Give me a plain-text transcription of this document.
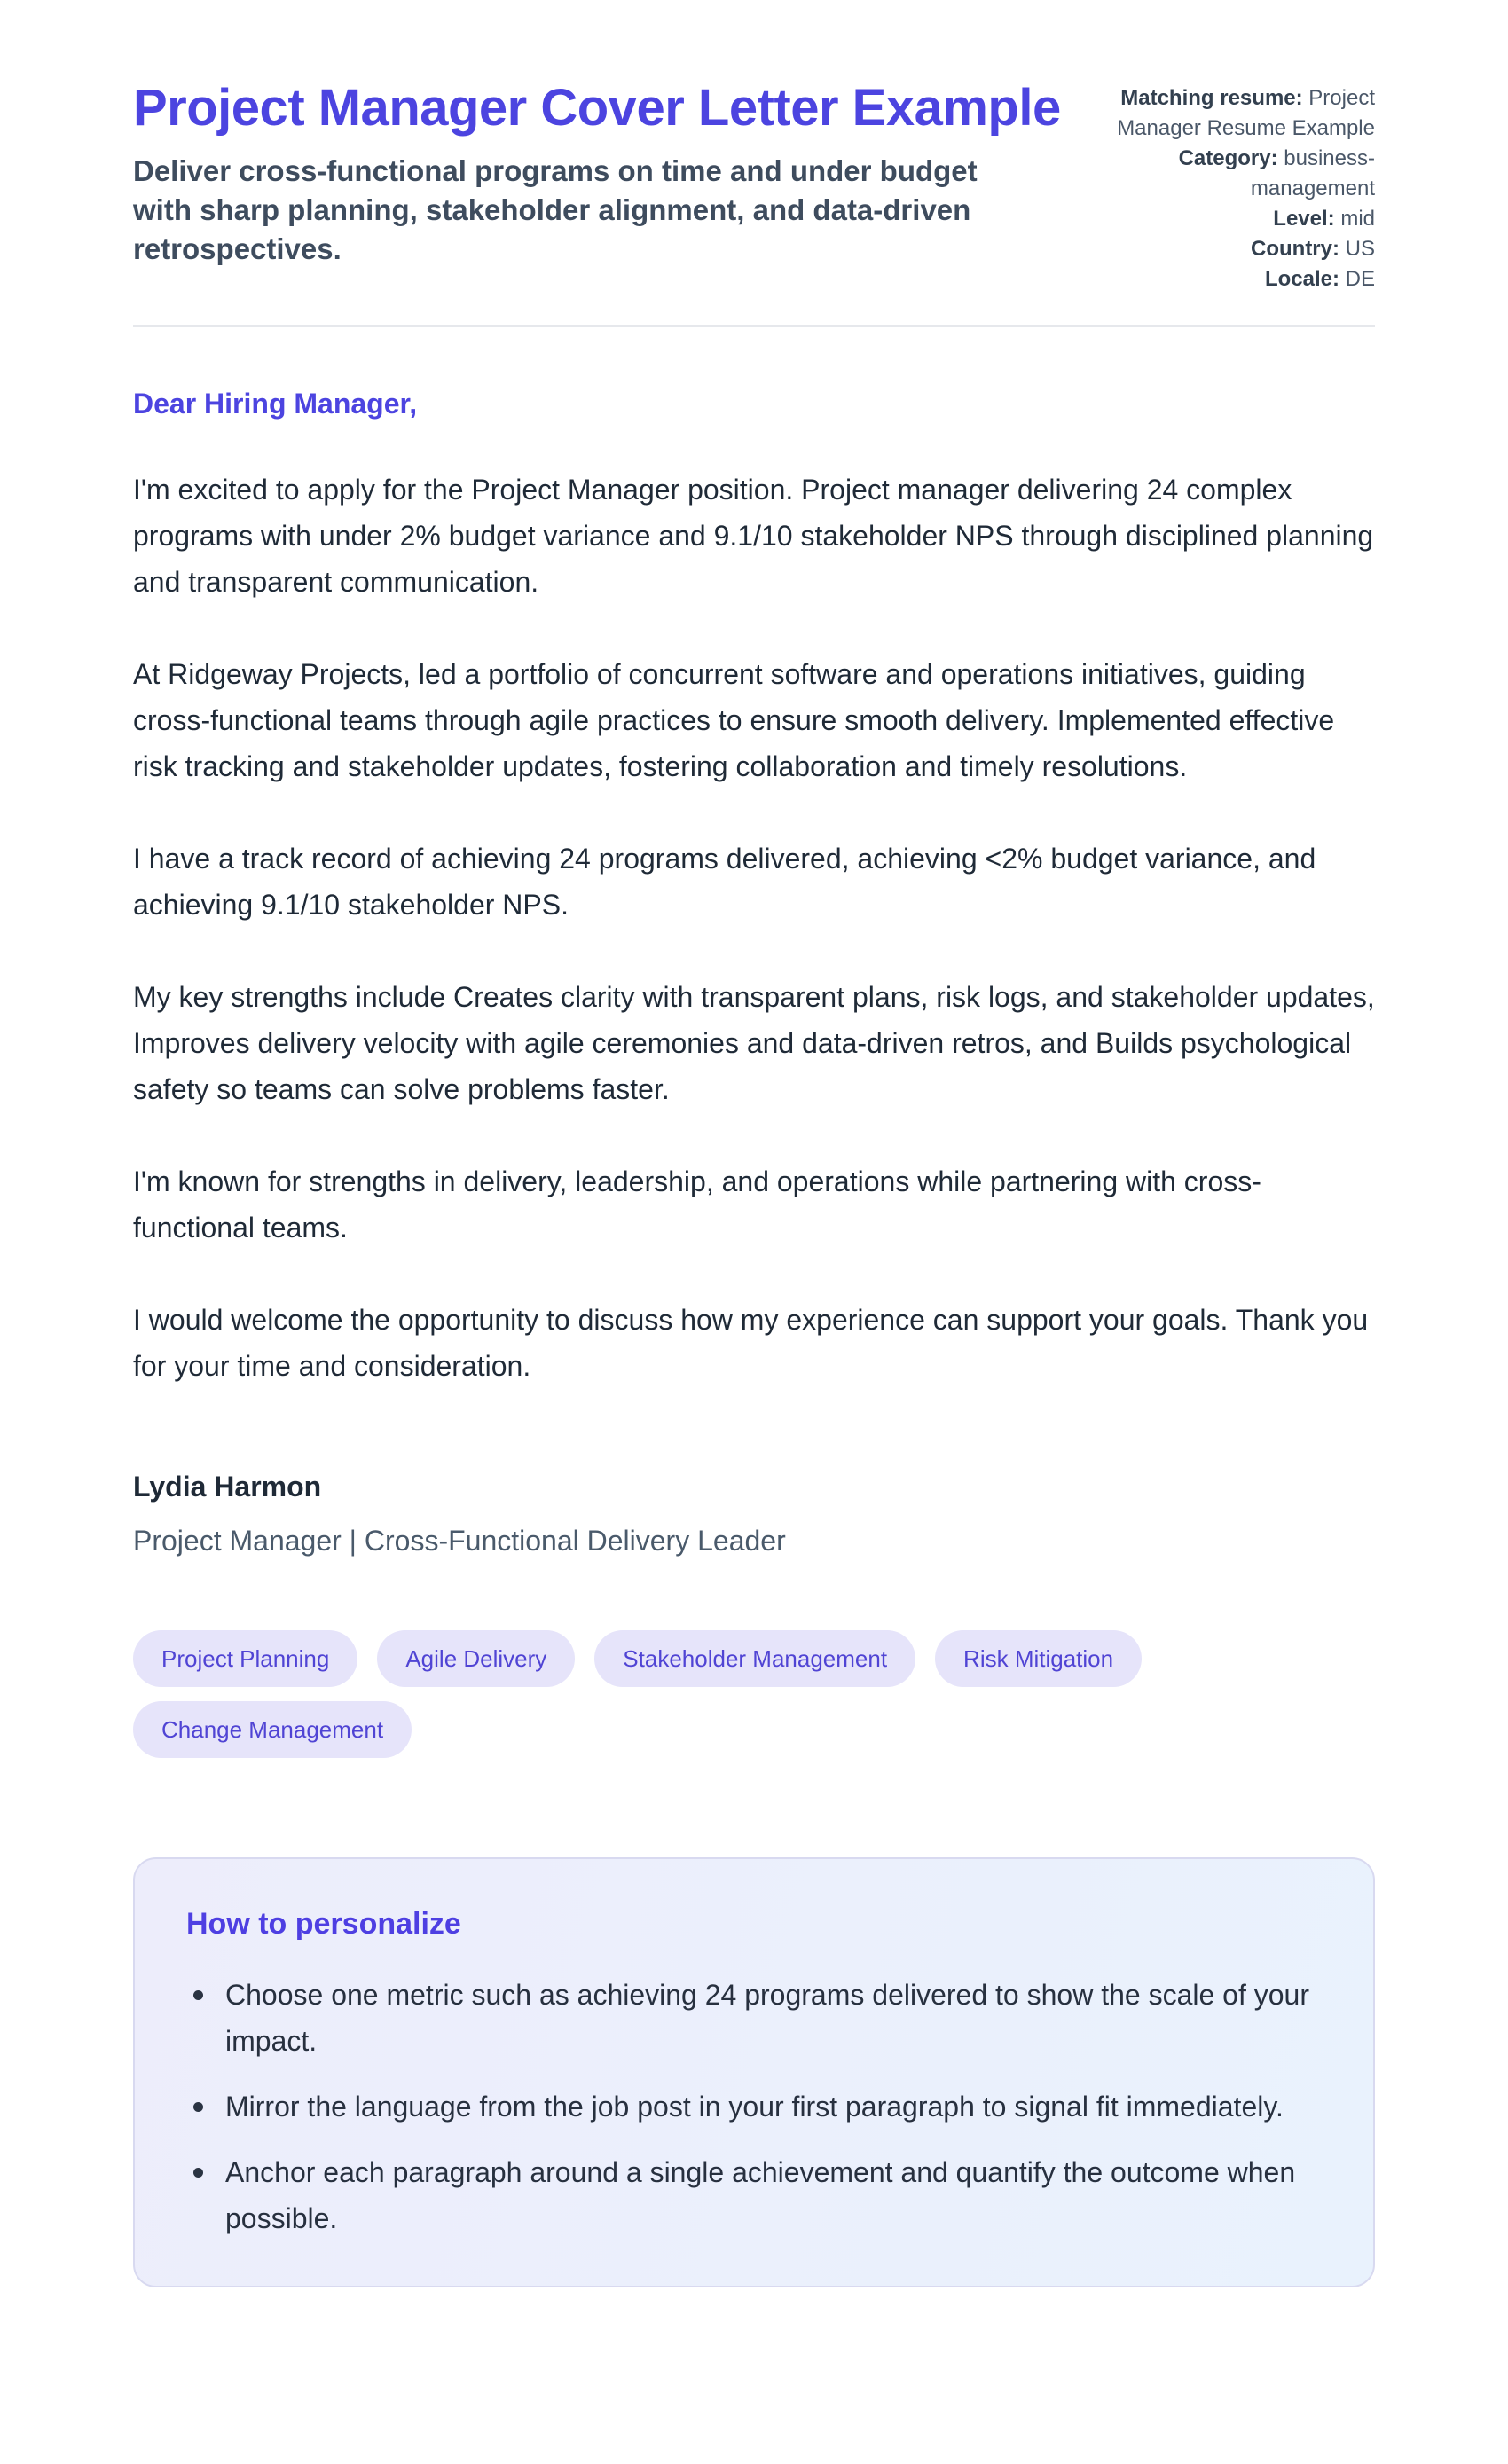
Project Manager Cover Letter Example
Deliver cross-functional programs on time and under budget with sharp planning, stakeholder alignment, and data-driven retrospectives.
Matching resume: Project Manager Resume Example
Category: business-management
Level: mid
Country: US
Locale: DE
Dear Hiring Manager,

I'm excited to apply for the Project Manager position. Project manager delivering 24 complex programs with under 2% budget variance and 9.1/10 stakeholder NPS through disciplined planning and transparent communication.

At Ridgeway Projects, led a portfolio of concurrent software and operations initiatives, guiding cross-functional teams through agile practices to ensure smooth delivery. Implemented effective risk tracking and stakeholder updates, fostering collaboration and timely resolutions.

I have a track record of achieving 24 programs delivered, achieving <2% budget variance, and achieving 9.1/10 stakeholder NPS.

My key strengths include Creates clarity with transparent plans, risk logs, and stakeholder updates, Improves delivery velocity with agile ceremonies and data-driven retros, and Builds psychological safety so teams can solve problems faster.

I'm known for strengths in delivery, leadership, and operations while partnering with cross-functional teams.

I would welcome the opportunity to discuss how my experience can support your goals. Thank you for your time and consideration.

Lydia Harmon
Project Manager | Cross-Functional Delivery Leader
Project Planning	Agile Delivery	Stakeholder Management	Risk Mitigation
Change Management
How to personalize
Choose one metric such as achieving 24 programs delivered to show the scale of your impact.
Mirror the language from the job post in your first paragraph to signal fit immediately.
Anchor each paragraph around a single achievement and quantify the outcome when possible.
